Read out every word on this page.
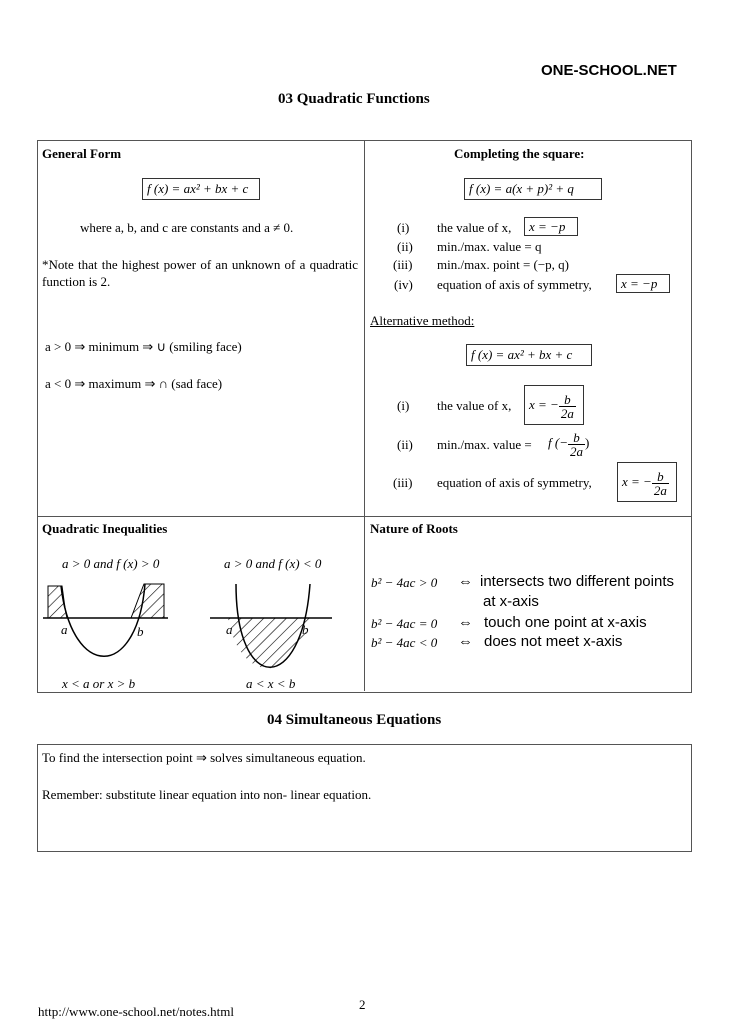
ONE-SCHOOL.NET
03 Quadratic Functions
General Form
f (x) = ax² + bx + c
where a, b, and c are constants and a ≠ 0.
*Note that the highest power of an unknown of a quadratic function is 2.
a > 0 ⇒ minimum ⇒ ∪ (smiling face)
a < 0 ⇒ maximum ⇒ ∩ (sad face)
Completing the square:
f (x) = a(x + p)² + q
(i) the value of x,	x = −p
(ii) min./max. value = q
(iii) min./max. point = (−p, q)
(iv) equation of axis of symmetry,	x = −p
Alternative method:
f (x) = ax² + bx + c
(i) the value of x,	x = − $\frac{b}{2a}$
(ii) min./max. value = f (− $\frac{b}{2a}$ )
(iii) equation of axis of symmetry,	x = − $\frac{b}{2a}$
Quadratic Inequalities
a > 0 and f (x) > 0	a > 0 and f (x) < 0
a	b	a	b
x < a or x > b	a < x < b
Nature of Roots
b² − 4ac > 0 ⇔ intersects two different points
at x-axis
b² − 4ac = 0 ⇔ touch one point at x-axis
b² − 4ac < 0 ⇔ does not meet x-axis
04 Simultaneous Equations
To find the intersection point ⇒ solves simultaneous equation.
Remember: substitute linear equation into non- linear equation.
http://www.one-school.net/notes.html	2
